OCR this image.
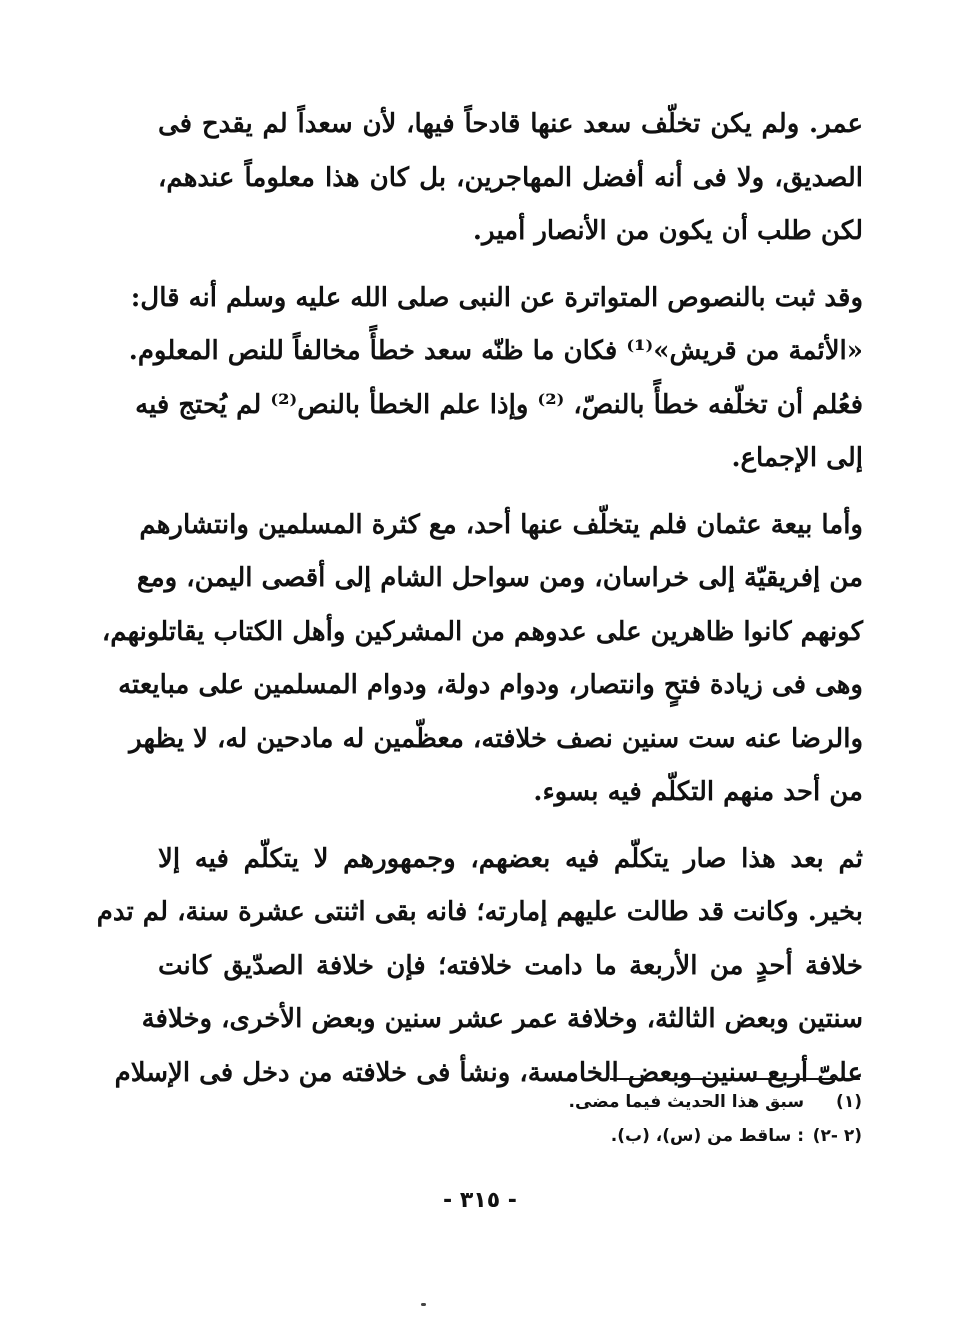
عمر. ولم يكن تخلّف سعد عنها قادحاً فيها، لأن سعداً لم يقدح فى
الصديق، ولا فى أنه أفضل المهاجرين، بل كان هذا معلوماً عندهم،
لكن طلب أن يكون من الأنصار أمير.
وقد ثبت بالنصوص المتواترة عن النبى صلى الله عليه وسلم أنه قال:
«الأئمة من قريش»⁽¹⁾ فكان ما ظنّه سعد خطأً مخالفاً للنص المعلوم.
فعُلم أن تخلّفه خطأً بالنصّ، ⁽²⁾ وإذا علم الخطأ بالنص⁽²⁾ لم يُحتج فيه
إلى الإجماع.
وأما بيعة عثمان فلم يتخلّف عنها أحد، مع كثرة المسلمين وانتشارهم
من إفريقيّة إلى خراسان، ومن سواحل الشام إلى أقصى اليمن، ومع
كونهم كانوا ظاهرين على عدوهم من المشركين وأهل الكتاب يقاتلونهم،
وهى فى زيادة فتحٍ وانتصار، ودوام دولة، ودوام المسلمين على مبايعته
والرضا عنه ست سنين نصف خلافته، معظّمين له مادحين له، لا يظهر
من أحد منهم التكلّم فيه بسوء.
ثم بعد هذا صار يتكلّم فيه بعضهم، وجمهورهم لا يتكلّم فيه إلا
بخير. وكانت قد طالت عليهم إمارته؛ فانه بقى اثنتى عشرة سنة، لم تدم
خلافة أحدٍ من الأربعة ما دامت خلافته؛ فإن خلافة الصدّيق كانت
سنتين وبعض الثالثة، وخلافة عمر عشر سنين وبعض الأخرى، وخلافة
علىّ أربع سنين وبعض الخامسة، ونشأ فى خلافته من دخل فى الإسلام
(١) سبق هذا الحديث فيما مضى.
(٢ -٢) : ساقط من (س)، (ب).
- ٣١٥ -
